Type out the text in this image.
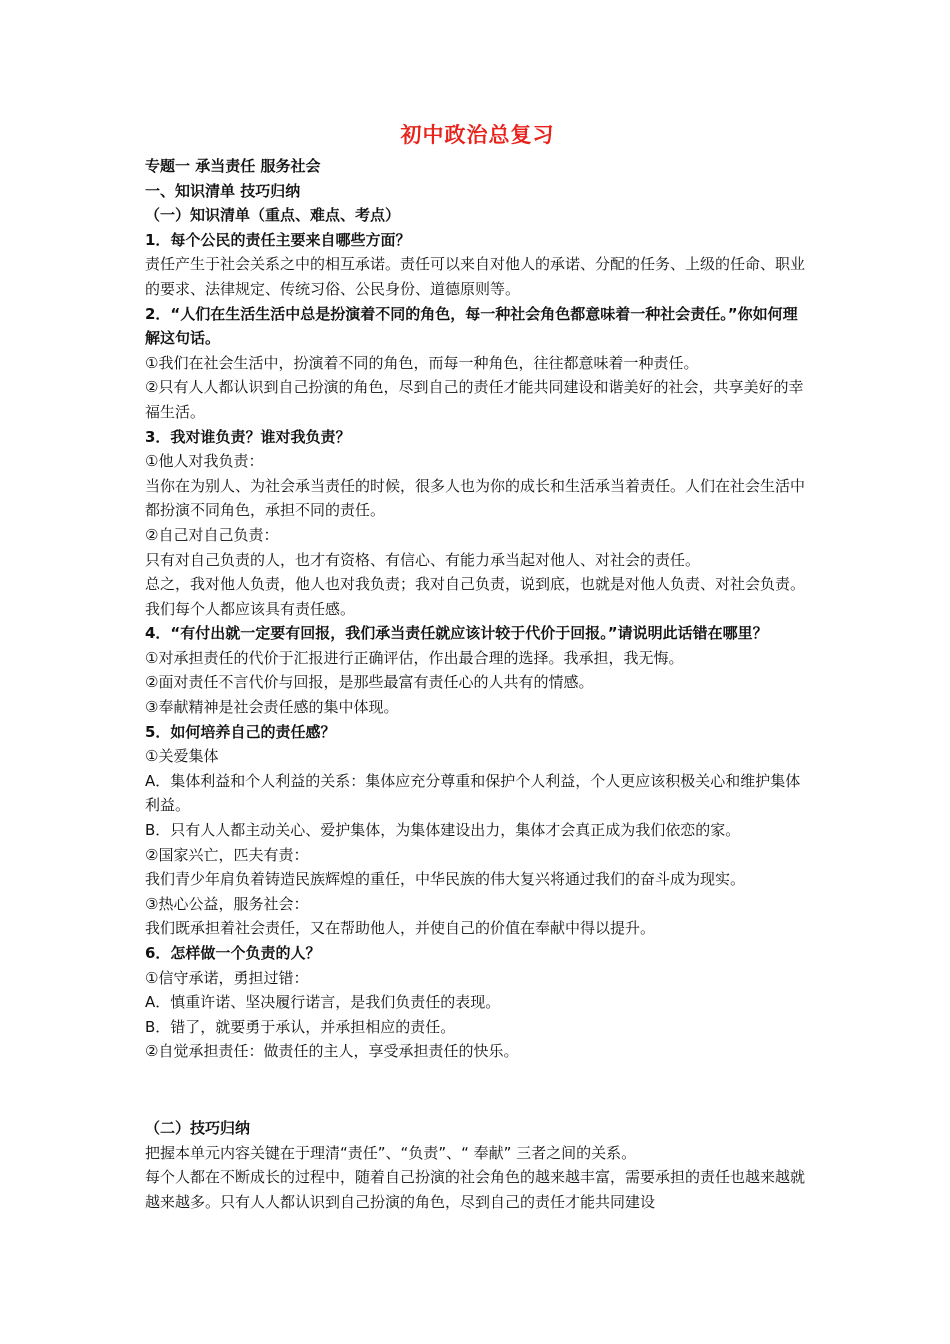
初中政治总复习

专题一 承当责任 服务社会

一、知识清单 技巧归纳

（一）知识清单（重点、难点、考点）

1．每个公民的责任主要来自哪些方面？

责任产生于社会关系之中的相互承诺。责任可以来自对他人的承诺、分配的任务、上级的任命、职业的要求、法律规定、传统习俗、公民身份、道德原则等。

2．“人们在生活生活中总是扮演着不同的角色，每一种社会角色都意味着一种社会责任。”你如何理解这句话。

①我们在社会生活中，扮演着不同的角色，而每一种角色，往往都意味着一种责任。

②只有人人都认识到自己扮演的角色，尽到自己的责任才能共同建设和谐美好的社会，共享美好的幸福生活。

3．我对谁负责？谁对我负责？

①他人对我负责：

当你在为别人、为社会承当责任的时候，很多人也为你的成长和生活承当着责任。人们在社会生活中都扮演不同角色，承担不同的责任。

②自己对自己负责：

只有对自己负责的人，也才有资格、有信心、有能力承当起对他人、对社会的责任。

总之，我对他人负责，他人也对我负责；我对自己负责，说到底，也就是对他人负责、对社会负责。我们每个人都应该具有责任感。

4．“有付出就一定要有回报，我们承当责任就应该计较于代价于回报。”请说明此话错在哪里？

①对承担责任的代价于汇报进行正确评估，作出最合理的选择。我承担，我无悔。

②面对责任不言代价与回报，是那些最富有责任心的人共有的情感。

③奉献精神是社会责任感的集中体现。

5．如何培养自己的责任感？

①关爱集体

A．集体利益和个人利益的关系：集体应充分尊重和保护个人利益，个人更应该积极关心和维护集体利益。

B．只有人人都主动关心、爱护集体，为集体建设出力，集体才会真正成为我们依恋的家。

②国家兴亡，匹夫有责：

我们青少年肩负着铸造民族辉煌的重任，中华民族的伟大复兴将通过我们的奋斗成为现实。

③热心公益，服务社会：

我们既承担着社会责任，又在帮助他人，并使自己的价值在奉献中得以提升。

6．怎样做一个负责的人？

①信守承诺，勇担过错：

A．慎重许诺、坚决履行诺言，是我们负责任的表现。

B．错了，就要勇于承认，并承担相应的责任。

②自觉承担责任：做责任的主人，享受承担责任的快乐。

（二）技巧归纳

把握本单元内容关键在于理清“责任”、“负责”、“ 奉献” 三者之间的关系。

每个人都在不断成长的过程中，随着自己扮演的社会角色的越来越丰富，需要承担的责任也越来越就越来越多。只有人人都认识到自己扮演的角色，尽到自己的责任才能共同建设
